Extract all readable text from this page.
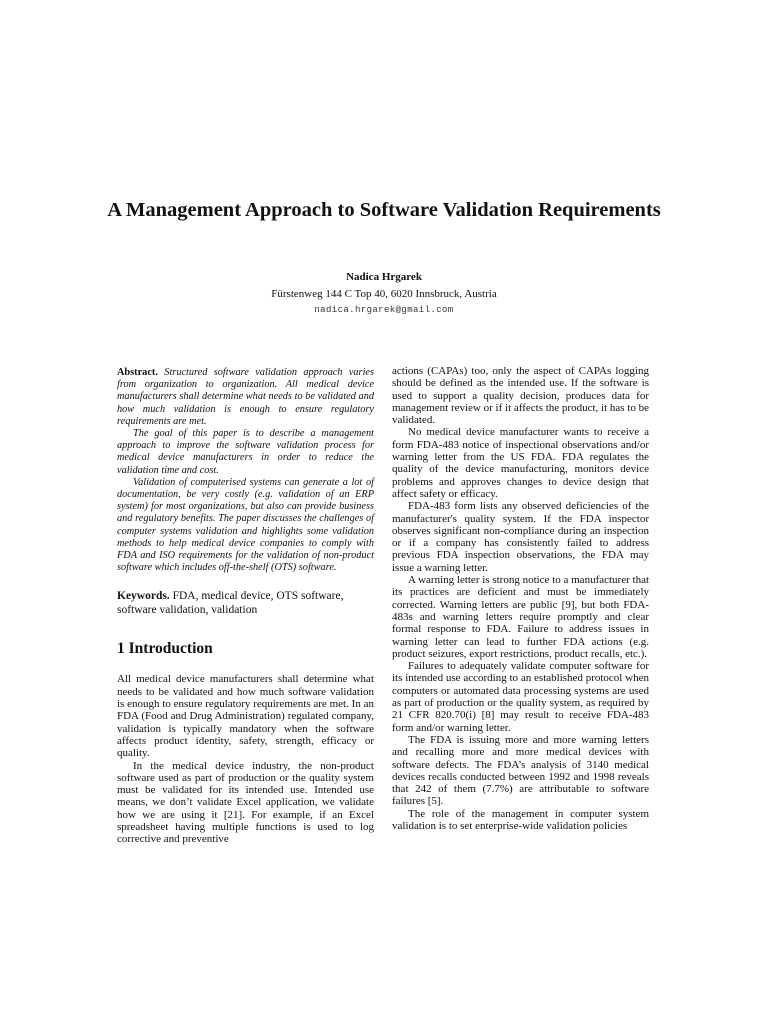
A Management Approach to Software Validation Requirements

Nadica Hrgarek

Fürstenweg 144 C Top 40, 6020 Innsbruck, Austria

nadica.hrgarek@gmail.com

Abstract. Structured software validation approach varies from organization to organization. All medical device manufacturers shall determine what needs to be validated and how much validation is enough to ensure regulatory requirements are met.

The goal of this paper is to describe a management approach to improve the software validation process for medical device manufacturers in order to reduce the validation time and cost.

Validation of computerised systems can generate a lot of documentation, be very costly (e.g. validation of an ERP system) for most organizations, but also can provide business and regulatory benefits. The paper discusses the challenges of computer systems validation and highlights some validation methods to help medical device companies to comply with FDA and ISO requirements for the validation of non-product software which includes off-the-shelf (OTS) software.

Keywords. FDA, medical device, OTS software, software validation, validation

1 Introduction

All medical device manufacturers shall determine what needs to be validated and how much software validation is enough to ensure regulatory requirements are met. In an FDA (Food and Drug Administration) regulated company, validation is typically mandatory when the software affects product identity, safety, strength, efficacy or quality.

In the medical device industry, the non-product software used as part of production or the quality system must be validated for its intended use. Intended use means, we don’t validate Excel application, we validate how we are using it [21]. For example, if an Excel spreadsheet having multiple functions is used to log corrective and preventive

actions (CAPAs) too, only the aspect of CAPAs logging should be defined as the intended use. If the software is used to support a quality decision, produces data for management review or if it affects the product, it has to be validated.

No medical device manufacturer wants to receive a form FDA-483 notice of inspectional observations and/or warning letter from the US FDA. FDA regulates the quality of the device manufacturing, monitors device problems and approves changes to device design that affect safety or efficacy.

FDA-483 form lists any observed deficiencies of the manufacturer's quality system. If the FDA inspector observes significant non-compliance during an inspection or if a company has consistently failed to address previous FDA inspection observations, the FDA may issue a warning letter.

A warning letter is strong notice to a manufacturer that its practices are deficient and must be immediately corrected. Warning letters are public [9], but both FDA-483s and warning letters require promptly and clear formal response to FDA. Failure to address issues in warning letter can lead to further FDA actions (e.g. product seizures, export restrictions, product recalls, etc.).

Failures to adequately validate computer software for its intended use according to an established protocol when computers or automated data processing systems are used as part of production or the quality system, as required by 21 CFR 820.70(i) [8] may result to receive FDA-483 form and/or warning letter.

The FDA is issuing more and more warning letters and recalling more and more medical devices with software defects. The FDA’s analysis of 3140 medical devices recalls conducted between 1992 and 1998 reveals that 242 of them (7.7%) are attributable to software failures [5].

The role of the management in computer system validation is to set enterprise-wide validation policies
